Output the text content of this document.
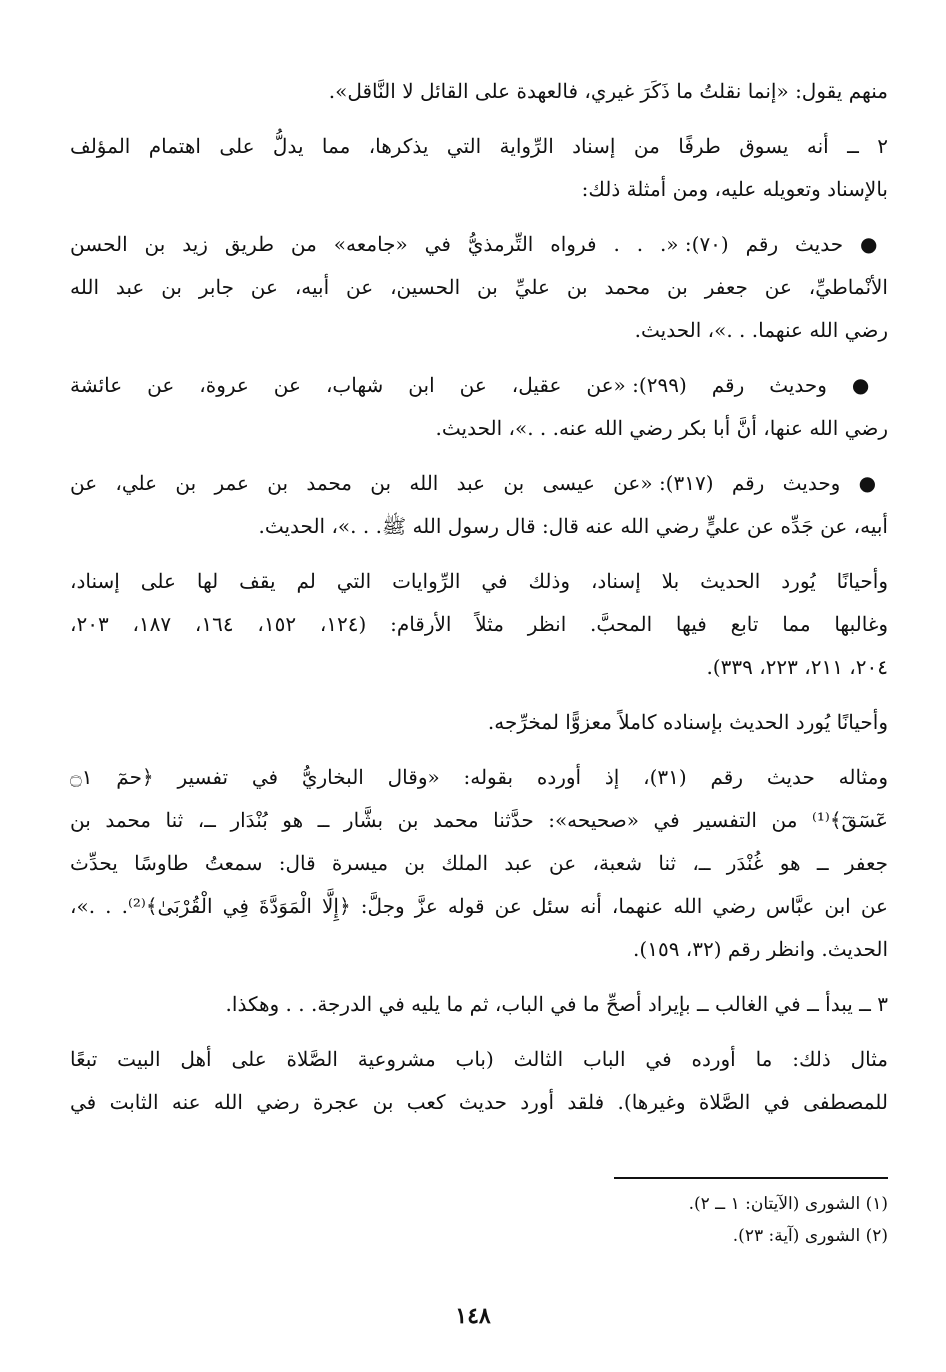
منهم يقول: «إنما نقلتُ ما ذَكَرَ غيري، فالعهدة على القائل لا النَّاقل».

٢ ــ أنه يسوق طرفًا من إسناد الرِّواية التي يذكرها، مما يدلُّ على اهتمام المؤلف
بالإسناد وتعويله عليه، ومن أمثلة ذلك:

● حديث رقم (٧٠): «. . . فرواه التِّرمذيُّ في «جامعه» من طريق زيد بن الحسن
الأنْماطيِّ، عن جعفر بن محمد بن عليِّ بن الحسين، عن أبيه، عن جابر بن عبد الله
رضي الله عنهما. . .»، الحديث.

● وحديث رقم (٢٩٩): «عن عقيل، عن ابن شهاب، عن عروة، عن عائشة
رضي الله عنها، أنَّ أبا بكر رضي الله عنه. . .»، الحديث.

● وحديث رقم (٣١٧): «عن عيسى بن عبد الله بن محمد بن عمر بن علي، عن
أبيه، عن جَدِّه عن عليٍّ رضي الله عنه قال: قال رسول الله ﷺ. . .»، الحديث.

وأحيانًا يُورد الحديث بلا إسناد، وذلك في الرِّوايات التي لم يقف لها على إسناد،
وغالبها مما تابع فيها المحبَّ. انظر مثلاً الأرقام: (١٢٤، ١٥٢، ١٦٤، ١٨٧، ٢٠٣،
٢٠٤، ٢١١، ٢٢٣، ٣٣٩).

وأحيانًا يُورد الحديث بإسناده كاملاً معزوًّا لمخرِّجه.

ومثاله حديث رقم (٣١)، إذ أورده بقوله: «وقال البخاريُّ في تفسير ﴿حمٓ ۝١
عٓسٓقٓ﴾⁽¹⁾ من التفسير في «صحيحه»: حدَّثنا محمد بن بشَّار ــ هو بُنْدَار ــ، ثنا محمد بن
جعفر ــ هو غُنْدَر ــ، ثنا شعبة، عن عبد الملك بن ميسرة قال: سمعتُ طاوسًا يحدِّث
عن ابن عبَّاس رضي الله عنهما، أنه سئل عن قوله عزَّ وجلَّ: ﴿إِلَّا الْمَوَدَّةَ فِي الْقُرْبَىٰ﴾⁽²⁾. . .»،
الحديث. وانظر رقم (٣٢، ١٥٩).

٣ ــ يبدأ ــ في الغالب ــ بإيراد أصحِّ ما في الباب، ثم ما يليه في الدرجة. . . وهكذا.

مثال ذلك: ما أورده في الباب الثالث (باب مشروعية الصَّلاة على أهل البيت تبعًا
للمصطفى في الصَّلاة وغيرها). فلقد أورد حديث كعب بن عجرة رضي الله عنه الثابت في

(١) الشورى (الآيتان: ١ ــ ٢).
(٢) الشورى (آية: ٢٣).
١٤٨
